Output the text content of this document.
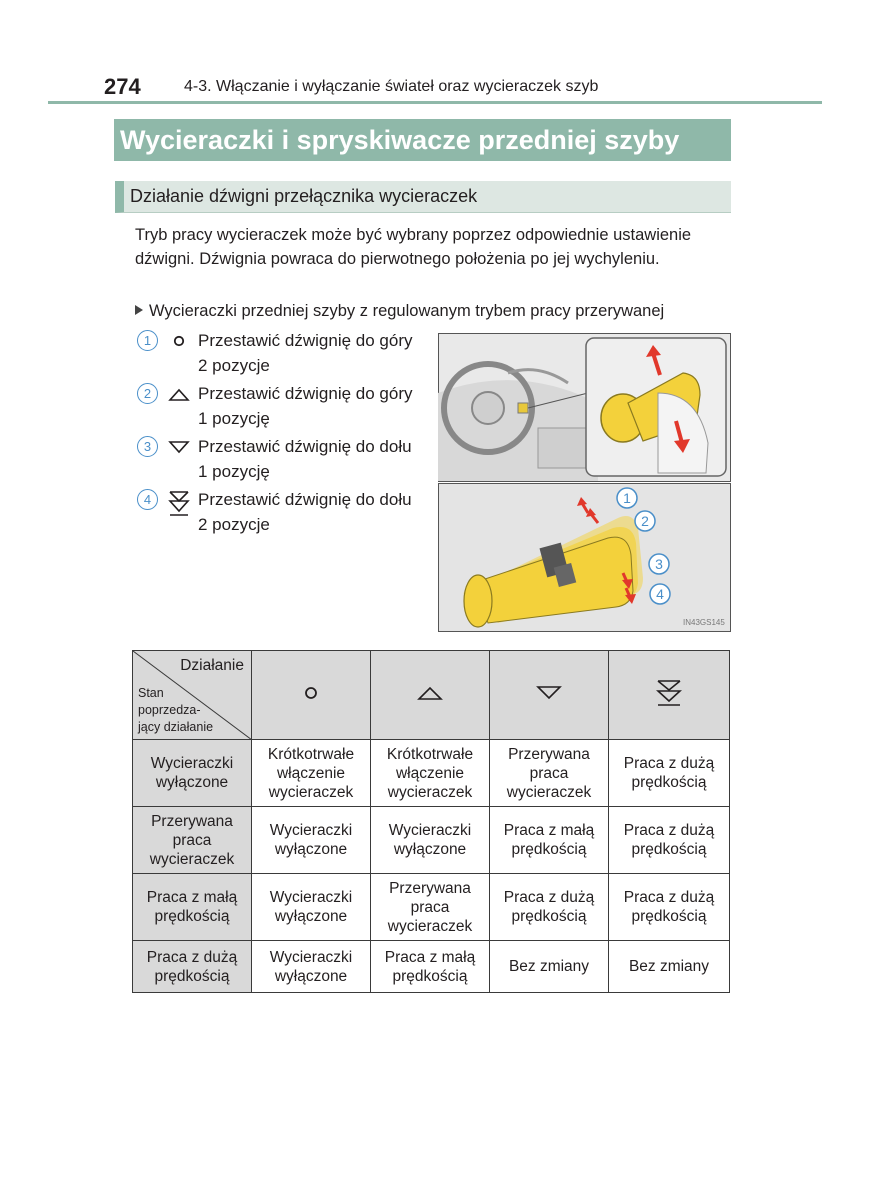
274	4-3. Włączanie i wyłączanie świateł oraz wycieraczek szyb
Wycieraczki i spryskiwacze przedniej szyby
Działanie dźwigni przełącznika wycieraczek
Tryb pracy wycieraczek może być wybrany poprzez odpowiednie ustawienie dźwigni. Dźwignia powraca do pierwotnego położenia po jej wychyleniu.
Wycieraczki przedniej szyby z regulowanym trybem pracy przerywanej
1	Przestawić dźwignię do góry
2 pozycje
2	Przestawić dźwignię do góry
1 pozycję
3	Przestawić dźwignię do dołu
1 pozycję
4	Przestawić dźwignię do dołu
2 pozycje
1
2
3
4
IN43GS145
Działanie
Stan
poprzedza-
jący działanie

Wycieraczki wyłączone	Krótkotrwałe włączenie wycieraczek	Krótkotrwałe włączenie wycieraczek	Przerywana praca wycieraczek	Praca z dużą prędkością
Przerywana praca wycieraczek	Wycieraczki wyłączone	Wycieraczki wyłączone	Praca z małą prędkością	Praca z dużą prędkością
Praca z małą prędkością	Wycieraczki wyłączone	Przerywana praca wycieraczek	Praca z dużą prędkością	Praca z dużą prędkością
Praca z dużą prędkością	Wycieraczki wyłączone	Praca z małą prędkością	Bez zmiany	Bez zmiany
